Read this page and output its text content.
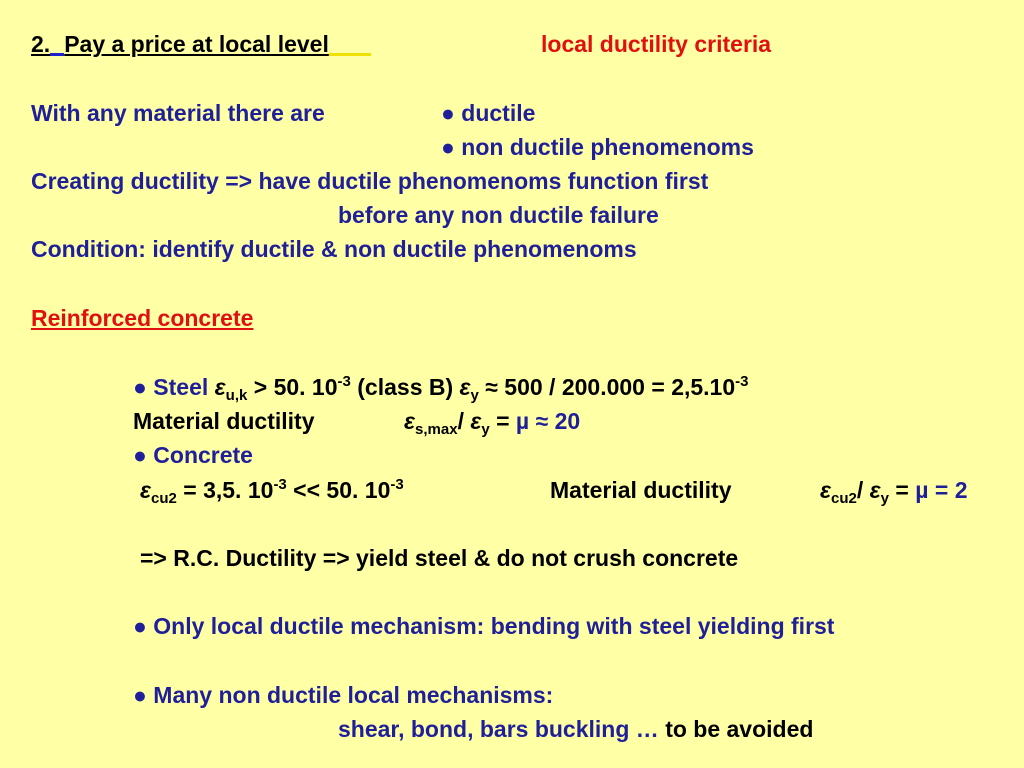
2. Pay a price at local level	local ductility criteria
With any material there are	● ductile
● non ductile phenomenoms
Creating ductility => have ductile phenomenoms function first
before any non ductile failure
Condition: identify ductile & non ductile phenomenoms
Reinforced concrete
● Steel $\varepsilon_{u,k} > 50$. $10^{-3}$ (class B) $\varepsilon_y \approx 500 / 200.000 = 2,5.10^{-3}$
Material ductility	$\varepsilon_{s,max}/$ $\varepsilon_y = \mu \approx 20$
● Concrete
$\varepsilon_{cu2} = 3,5$. $10^{-3} << 50$. $10^{-3}$	Material ductility	$\varepsilon_{cu2}/$ $\varepsilon_y = \mu = 2$
=> R.C. Ductility => yield steel & do not crush concrete
● Only local ductile mechanism: bending with steel yielding first
● Many non ductile local mechanisms:
shear, bond, bars buckling … to be avoided
